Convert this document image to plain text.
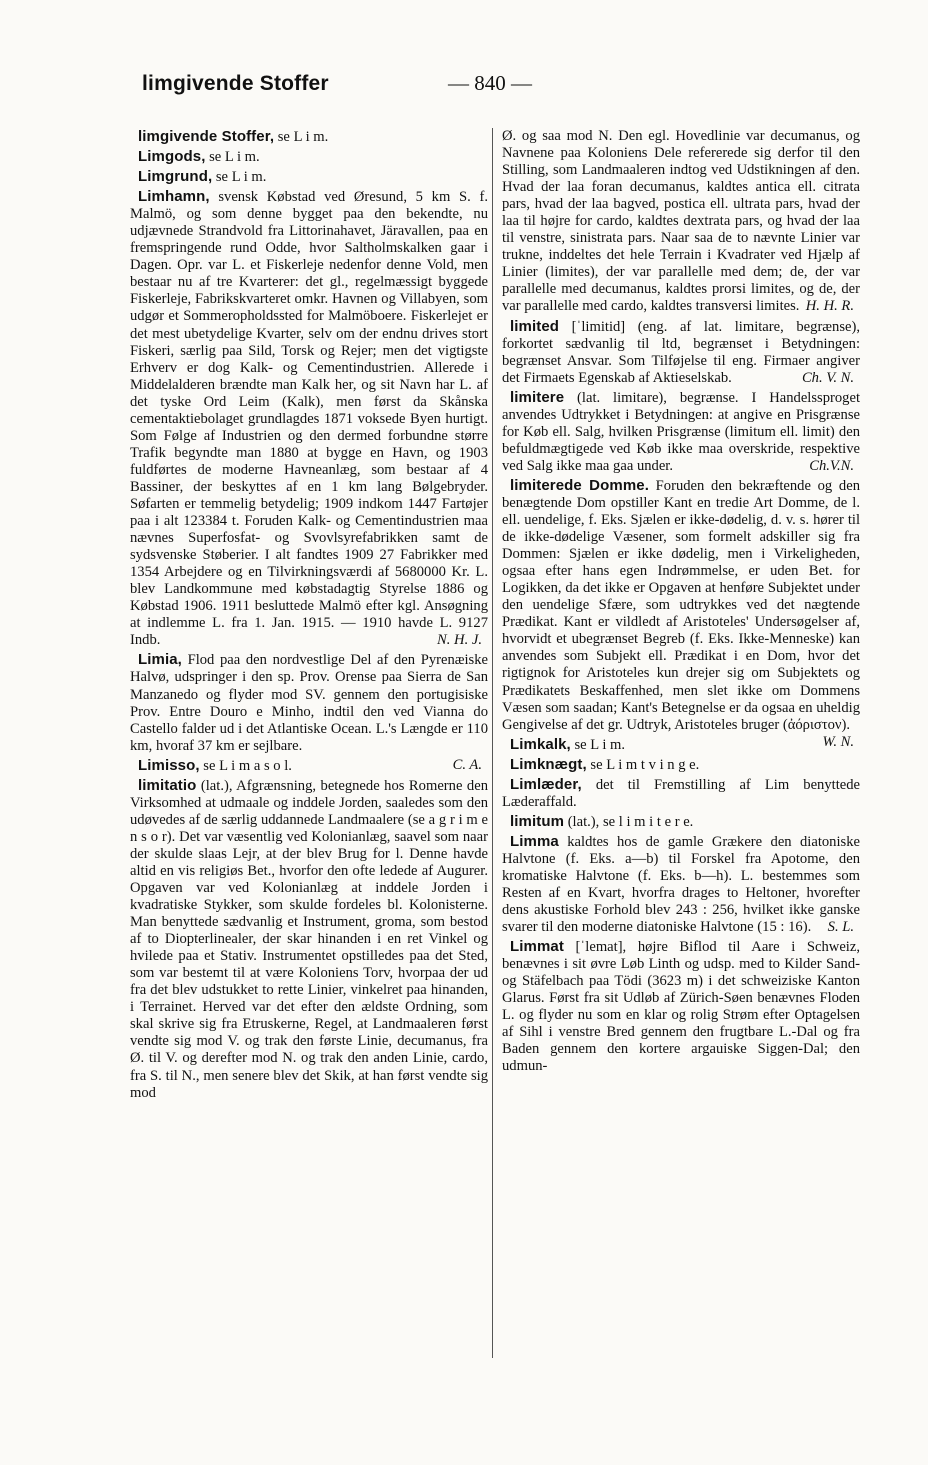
limgivende Stoffer	— 840 —

limgivende Stoffer, se L i m.

Limgods, se L i m.

Limgrund, se L i m.

Limhamn, svensk Købstad ved Øresund, 5 km S. f. Malmö, og som denne bygget paa den bekendte, nu udjævnede Strandvold fra Littorinahavet, Järavallen, paa en fremspringende rund Odde, hvor Saltholmskalken gaar i Dagen. Opr. var L. et Fiskerleje nedenfor denne Vold, men bestaar nu af tre Kvarterer: det gl., regelmæssigt byggede Fiskerleje, Fabrikskvarteret omkr. Havnen og Villabyen, som udgør et Sommeropholdssted for Malmöboere. Fiskerlejet er det mest ubetydelige Kvarter, selv om der endnu drives stort Fiskeri, særlig paa Sild, Torsk og Rejer; men det vigtigste Erhverv er dog Kalk- og Cementindustrien. Allerede i Middelalderen brændte man Kalk her, og sit Navn har L. af det tyske Ord Leim (Kalk), men først da Skånska cementaktiebolaget grundlagdes 1871 voksede Byen hurtigt. Som Følge af Industrien og den dermed forbundne større Trafik begyndte man 1880 at bygge en Havn, og 1903 fuldførtes de moderne Havneanlæg, som bestaar af 4 Bassiner, der beskyttes af en 1 km lang Bølgebryder. Søfarten er temmelig betydelig; 1909 indkom 1447 Fartøjer paa i alt 123384 t. Foruden Kalk- og Cementindustrien maa nævnes Superfosfat- og Svovlsyrefabrikken samt de sydsvenske Støberier. I alt fandtes 1909 27 Fabrikker med 1354 Arbejdere og en Tilvirkningsværdi af 5680000 Kr. L. blev Landkommune med købstadagtig Styrelse 1886 og Købstad 1906. 1911 besluttede Malmö efter kgl. Ansøgning at indlemme L. fra 1. Jan. 1915. — 1910 havde L. 9127 Indb.	N. H. J.

Limia, Flod paa den nordvestlige Del af den Pyrenæiske Halvø, udspringer i den sp. Prov. Orense paa Sierra de San Manzanedo og flyder mod SV. gennem den portugisiske Prov. Entre Douro e Minho, indtil den ved Vianna do Castello falder ud i det Atlantiske Ocean. L.'s Længde er 110 km, hvoraf 37 km er sejlbare.

Limisso, se L i m a s o l.	C. A.

limitatio (lat.), Afgrænsning, betegnede hos Romerne den Virksomhed at udmaale og inddele Jorden, saaledes som den udøvedes af de særlig uddannede Landmaalere (se a g r i m e n s o r). Det var væsentlig ved Kolonianlæg, saavel som naar der skulde slaas Lejr, at der blev Brug for l. Denne havde altid en vis religiøs Bet., hvorfor den ofte ledede af Augurer. Opgaven var ved Kolonianlæg at inddele Jorden i kvadratiske Stykker, som skulde fordeles bl. Kolonisterne. Man benyttede sædvanlig et Instrument, groma, som bestod af to Diopterlinealer, der skar hinanden i en ret Vinkel og hvilede paa et Stativ. Instrumentet opstilledes paa det Sted, som var bestemt til at være Koloniens Torv, hvorpaa der ud fra det blev udstukket to rette Linier, vinkelret paa hinanden, i Terrainet. Herved var det efter den ældste Ordning, som skal skrive sig fra Etruskerne, Regel, at Landmaaleren først vendte sig mod V. og trak den første Linie, decumanus, fra Ø. til V. og derefter mod N. og trak den anden Linie, cardo, fra S. til N., men senere blev det Skik, at han først vendte sig mod

Ø. og saa mod N. Den egl. Hovedlinie var decumanus, og Navnene paa Koloniens Dele refererede sig derfor til den Stilling, som Landmaaleren indtog ved Udstikningen af den. Hvad der laa foran decumanus, kaldtes antica ell. citrata pars, hvad der laa bagved, postica ell. ultrata pars, hvad der laa til højre for cardo, kaldtes dextrata pars, og hvad der laa til venstre, sinistrata pars. Naar saa de to nævnte Linier var trukne, inddeltes det hele Terrain i Kvadrater ved Hjælp af Linier (limites), der var parallelle med dem; de, der var parallelle med decumanus, kaldtes prorsi limites, og de, der var parallelle med cardo, kaldtes transversi limites. H. H. R.

limited [ˈlimitid] (eng. af lat. limitare, begrænse), forkortet sædvanlig til ltd, begrænset i Betydningen: begrænset Ansvar. Som Tilføjelse til eng. Firmaer angiver det Firmaets Egenskab af Aktieselskab.	Ch. V. N.

limitere (lat. limitare), begrænse. I Handelssproget anvendes Udtrykket i Betydningen: at angive en Prisgrænse for Køb ell. Salg, hvilken Prisgrænse (limitum ell. limit) den befuldmægtigede ved Køb ikke maa overskride, respektive ved Salg ikke maa gaa under.	Ch.V.N.

limiterede Domme. Foruden den bekræftende og den benægtende Dom opstiller Kant en tredie Art Domme, de l. ell. uendelige, f. Eks. Sjælen er ikke-dødelig, d. v. s. hører til de ikke-dødelige Væsener, som formelt adskiller sig fra Dommen: Sjælen er ikke dødelig, men i Virkeligheden, ogsaa efter hans egen Indrømmelse, er uden Bet. for Logikken, da det ikke er Opgaven at henføre Subjektet under den uendelige Sfære, som udtrykkes ved det nægtende Prædikat. Kant er vildledt af Aristoteles' Undersøgelser af, hvorvidt et ubegrænset Begreb (f. Eks. Ikke-Menneske) kan anvendes som Subjekt ell. Prædikat i en Dom, hvor det rigtignok for Aristoteles kun drejer sig om Subjektets og Prædikatets Beskaffenhed, men slet ikke om Dommens Væsen som saadan; Kant's Betegnelse er da ogsaa en uheldig Gengivelse af det gr. Udtryk, Aristoteles bruger (ἀόριστον).
W. N.

Limkalk, se L i m.

Limknægt, se L i m t v i n g e.

Limlæder, det til Fremstilling af Lim benyttede Læderaffald.

limitum (lat.), se l i m i t e r e.

Limma kaldtes hos de gamle Grækere den diatoniske Halvtone (f. Eks. a—b) til Forskel fra Apotome, den kromatiske Halvtone (f. Eks. b—h). L. bestemmes som Resten af en Kvart, hvorfra drages to Heltoner, hvorefter dens akustiske Forhold blev 243 : 256, hvilket ikke ganske svarer til den moderne diatoniske Halvtone (15 : 16).	S. L.

Limmat [ˈlemat], højre Biflod til Aare i Schweiz, benævnes i sit øvre Løb Linth og udsp. med to Kilder Sand- og Stäfelbach paa Tödi (3623 m) i det schweiziske Kanton Glarus. Først fra sit Udløb af Zürich-Søen benævnes Floden L. og flyder nu som en klar og rolig Strøm efter Optagelsen af Sihl i venstre Bred gennem den frugtbare L.-Dal og fra Baden gennem den kortere argauiske Siggen-Dal; den udmun-
